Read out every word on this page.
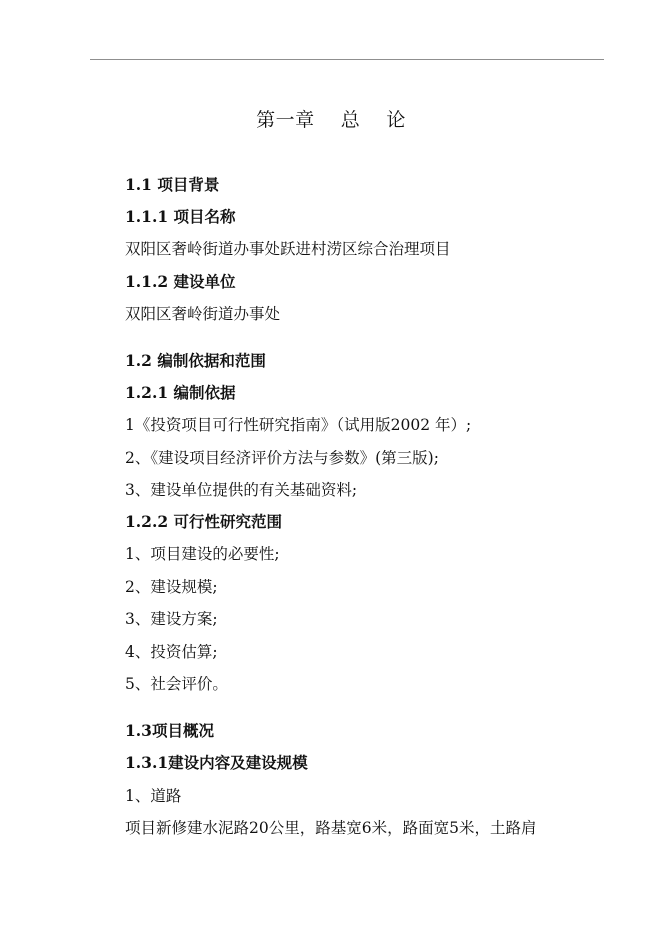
第一章    总    论
1.1 项目背景
1.1.1 项目名称
双阳区奢岭街道办事处跃进村涝区综合治理项目
1.1.2 建设单位
双阳区奢岭街道办事处
1.2 编制依据和范围
1.2.1 编制依据
1《投资项目可行性研究指南》（试用版2002 年）;
2、《建设项目经济评价方法与参数》(第三版);
3、建设单位提供的有关基础资料;
1.2.2 可行性研究范围
1、项目建设的必要性;
2、建设规模;
3、建设方案;
4、投资估算;
5、社会评价。
1.3项目概况
1.3.1建设内容及建设规模
1、道路
项目新修建水泥路20公里，路基宽6米，路面宽5米，土路肩
